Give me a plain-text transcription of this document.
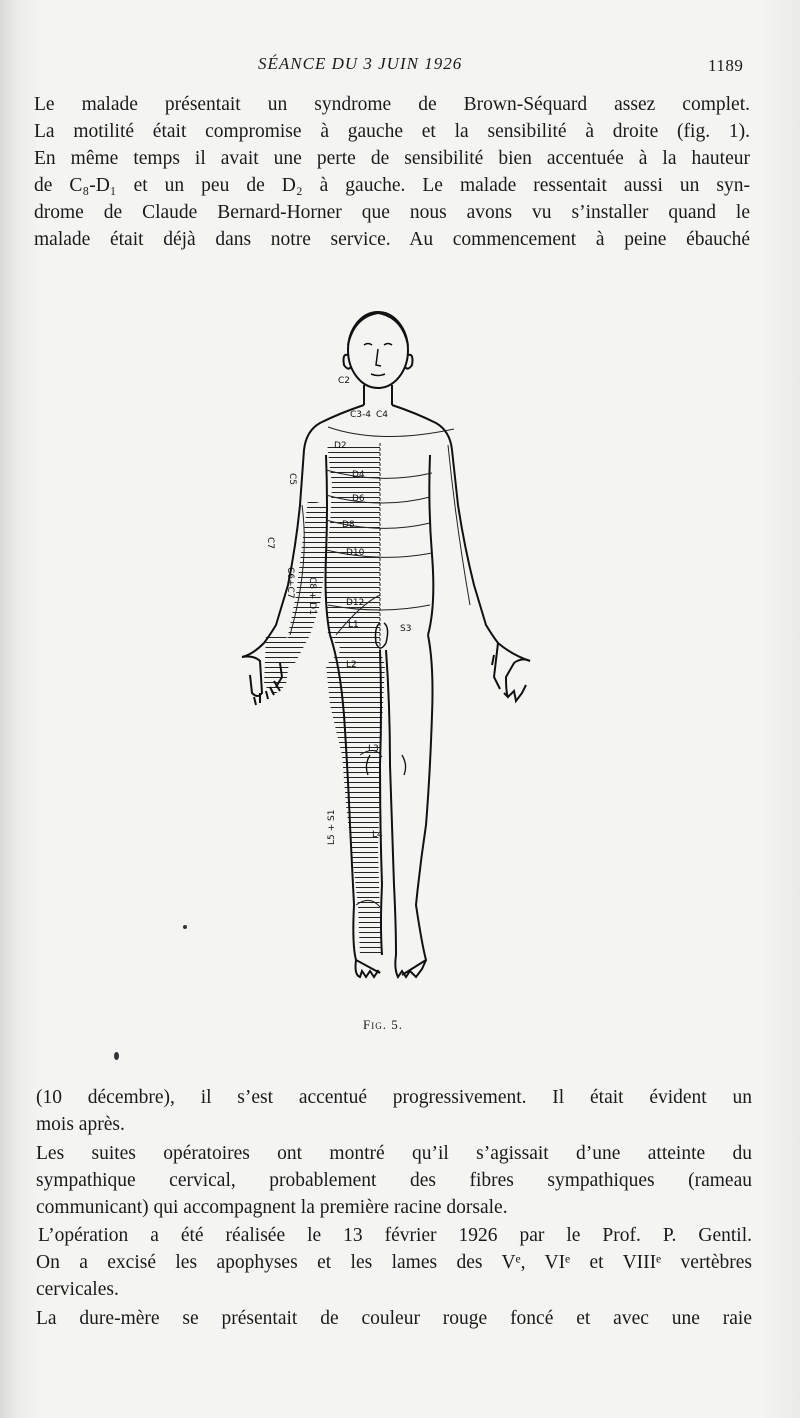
SÉANCE DU 3 JUIN 1926	1189
Le malade présentait un syndrome de Brown-Séquard assez complet.
La motilité était compromise à gauche et la sensibilité à droite (fig. 1).
En même temps il avait une perte de sensibilité bien accentuée à la hauteur
de C₈-D₁ et un peu de D₂ à gauche. Le malade ressentait aussi un syn-
drome de Claude Bernard-Horner que nous avons vu s’installer quand le
malade était déjà dans notre service. Au commencement à peine ébauché
C2
C3-4 C4
D2
D4
D6
D8
D10
D12
C5
C7
C6+C7 C8 + D1
L1
L2
L3
L4
L5 + S1
S3
Fig. 5.
(10 décembre), il s’est accentué progressivement. Il était évident un
mois après.
Les suites opératoires ont montré qu’il s’agissait d’une atteinte du
sympathique cervical, probablement des fibres sympathiques (rameau
communicant) qui accompagnent la première racine dorsale.
L’opération a été réalisée le 13 février 1926 par le Prof. P. Gentil.
On a excisé les apophyses et les lames des Vᵉ, VIᵉ et VIIIᵉ vertèbres
cervicales.
La dure-mère se présentait de couleur rouge foncé et avec une raie
